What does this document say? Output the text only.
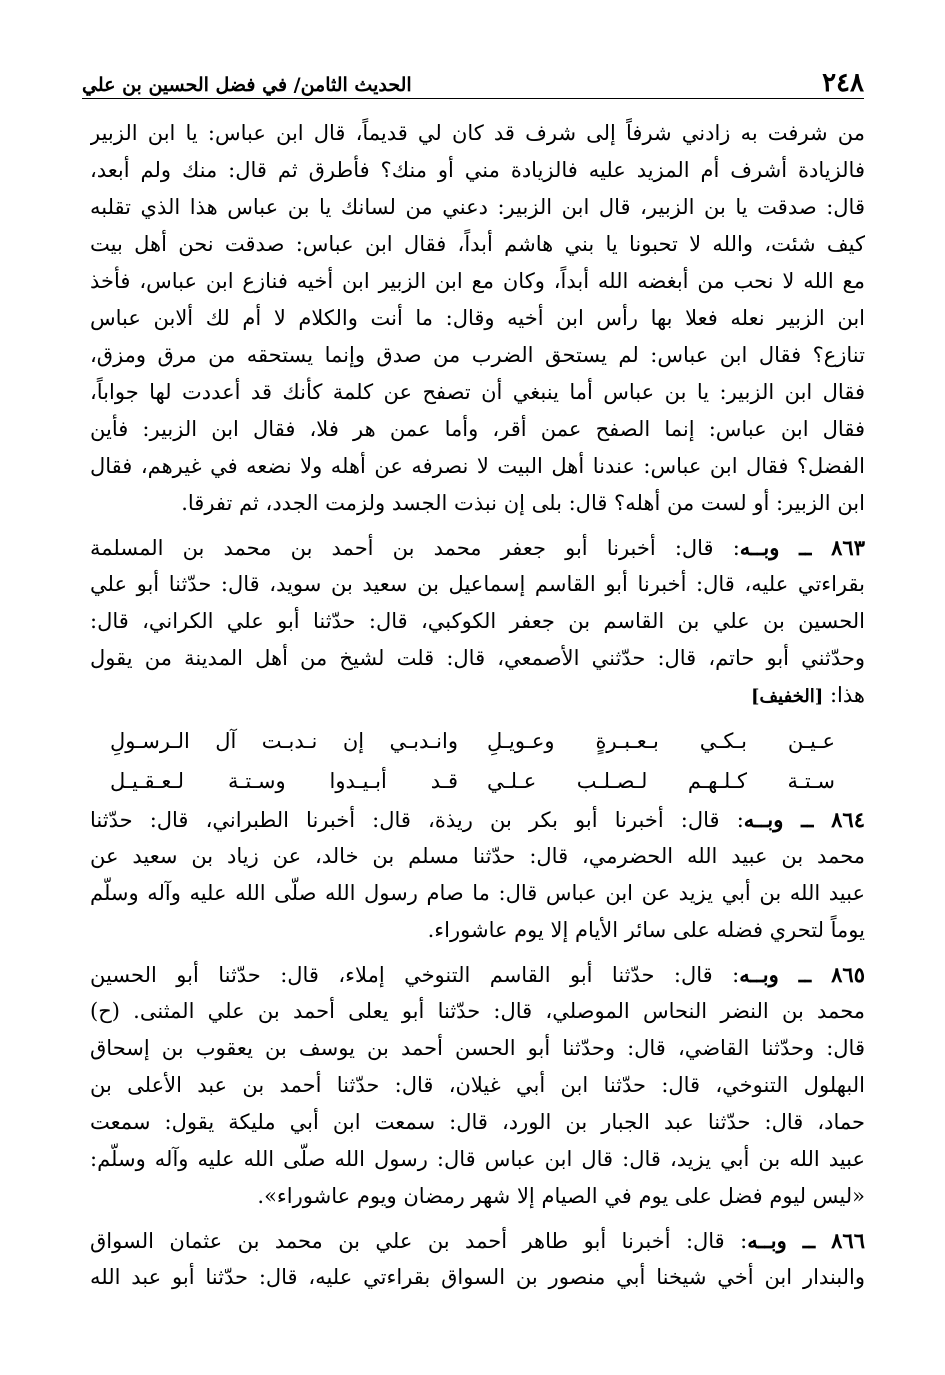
٢٤٨
الحديث الثامن/ في فضل الحسين بن علي
من شرفت به زادني شرفاً إلى شرف قد كان لي قديماً، قال ابن عباس: يا ابن الزبير
فالزيادة أشرف أم المزيد عليه فالزيادة مني أو منك؟ فأطرق ثم قال: منك ولم أبعد،
قال: صدقت يا بن الزبير، قال ابن الزبير: دعني من لسانك يا بن عباس هذا الذي تقلبه
كيف شئت، والله لا تحبونا يا بني هاشم أبداً، فقال ابن عباس: صدقت نحن أهل بيت
مع الله لا نحب من أبغضه الله أبداً، وكان مع ابن الزبير ابن أخيه فنازع ابن عباس، فأخذ
ابن الزبير نعله فعلا بها رأس ابن أخيه وقال: ما أنت والكلام لا أم لك ألابن عباس
تنازع؟ فقال ابن عباس: لم يستحق الضرب من صدق وإنما يستحقه من مرق ومزق،
فقال ابن الزبير: يا بن عباس أما ينبغي أن تصفح عن كلمة كأنك قد أعددت لها جواباً،
فقال ابن عباس: إنما الصفح عمن أقر، وأما عمن هر فلا، فقال ابن الزبير: فأين
الفضل؟ فقال ابن عباس: عندنا أهل البيت لا نصرفه عن أهله ولا نضعه في غيرهم، فقال
ابن الزبير: أو لست من أهله؟ قال: بلى إن نبذت الجسد ولزمت الجدد، ثم تفرقا.
٨٦٣ ــ وبــه: قال: أخبرنا أبو جعفر محمد بن أحمد بن محمد بن المسلمة
بقراءتي عليه، قال: أخبرنا أبو القاسم إسماعيل بن سعيد بن سويد، قال: حدّثنا أبو علي
الحسين بن علي بن القاسم بن جعفر الكوكبي، قال: حدّثنا أبو علي الكراني، قال:
وحدّثني أبو حاتم، قال: حدّثني الأصمعي، قال: قلت لشيخ من أهل المدينة من يقول
هذا: [الخفيف]
عـيـن بـكـي بـعـبـرةٍ وعـويـلِ
وانـدبـي إن نـدبـت آل الـرسـولِ
سـتـة كـلـهـم لـصـلـب عـلـي
قـد أبـيـدوا وسـتـة لـعـقـيـل
٨٦٤ ــ وبــه: قال: أخبرنا أبو بكر بن ريذة، قال: أخبرنا الطبراني، قال: حدّثنا
محمد بن عبيد الله الحضرمي، قال: حدّثنا مسلم بن خالد، عن زياد بن سعيد عن
عبيد الله بن أبي يزيد عن ابن عباس قال: ما صام رسول الله صلّى الله عليه وآله وسلّم
يوماً لتحري فضله على سائر الأيام إلا يوم عاشوراء.
٨٦٥ ــ وبــه: قال: حدّثنا أبو القاسم التنوخي إملاء، قال: حدّثنا أبو الحسين
محمد بن النضر النحاس الموصلي، قال: حدّثنا أبو يعلى أحمد بن علي المثنى. (ح)
قال: وحدّثنا القاضي، قال: وحدّثنا أبو الحسن أحمد بن يوسف بن يعقوب بن إسحاق
البهلول التنوخي، قال: حدّثنا ابن أبي غيلان، قال: حدّثنا أحمد بن عبد الأعلى بن
حماد، قال: حدّثنا عبد الجبار بن الورد، قال: سمعت ابن أبي مليكة يقول: سمعت
عبيد الله بن أبي يزيد، قال: قال ابن عباس قال: رسول الله صلّى الله عليه وآله وسلّم:
«ليس ليوم فضل على يوم في الصيام إلا شهر رمضان ويوم عاشوراء».
٨٦٦ ــ وبــه: قال: أخبرنا أبو طاهر أحمد بن علي بن محمد بن عثمان السواق
والبندار ابن أخي شيخنا أبي منصور بن السواق بقراءتي عليه، قال: حدّثنا أبو عبد الله
